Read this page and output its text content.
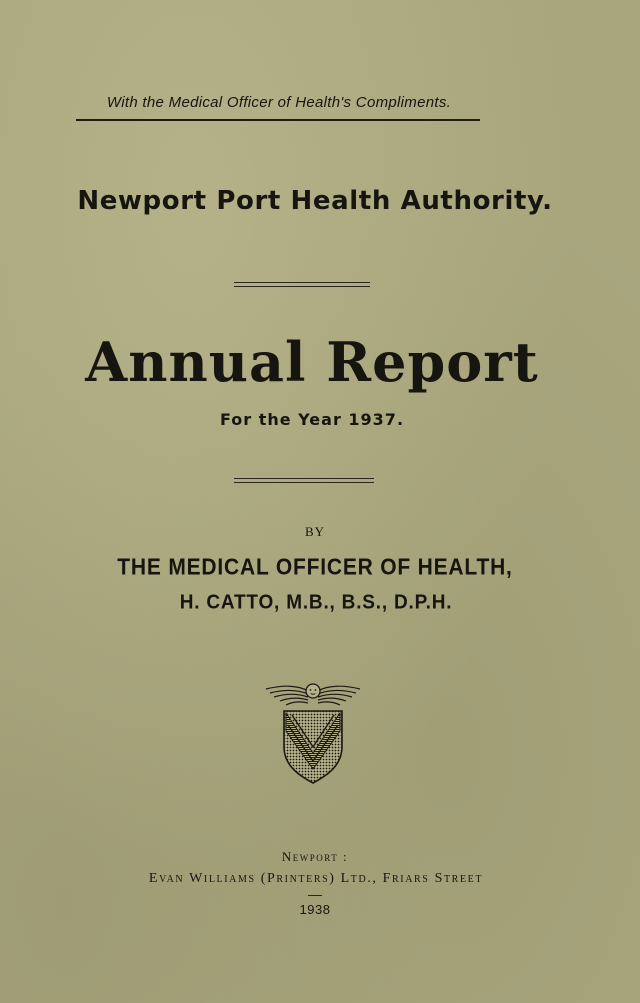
With the Medical Officer of Health's Compliments.
Newport Port Health Authority.
Annual Report
For the Year 1937.
BY
THE MEDICAL OFFICER OF HEALTH,
H. CATTO, M.B., B.S., D.P.H.
Newport :
Evan Williams (Printers) Ltd., Friars Street
1938
